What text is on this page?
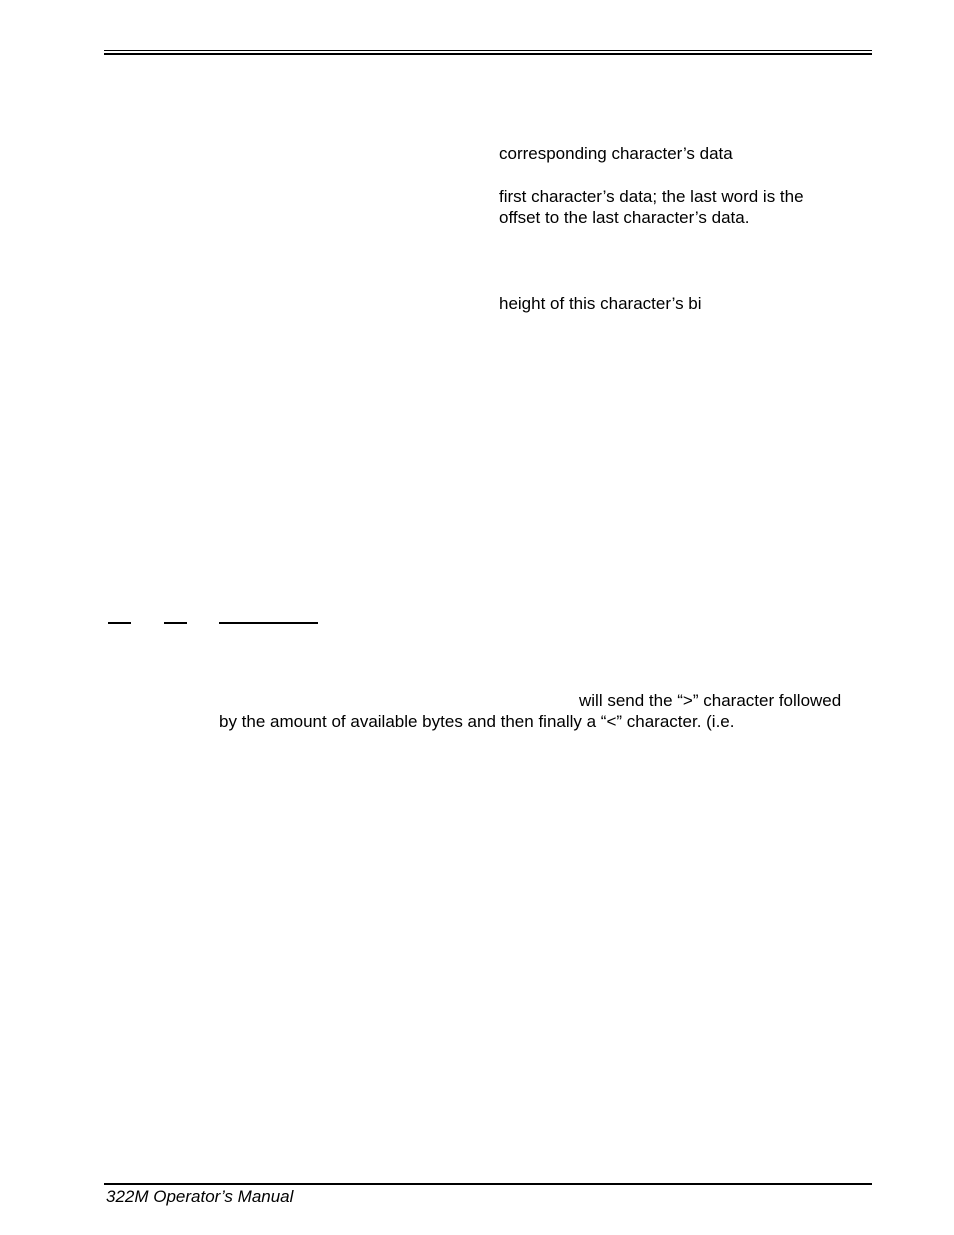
corresponding character’s data
first character’s data; the last word is the
offset to the last character’s data.
height of this character’s bi
will send the “>” character followed
by the amount of available bytes and then finally a “<” character. (i.e.
322M Operator’s Manual
